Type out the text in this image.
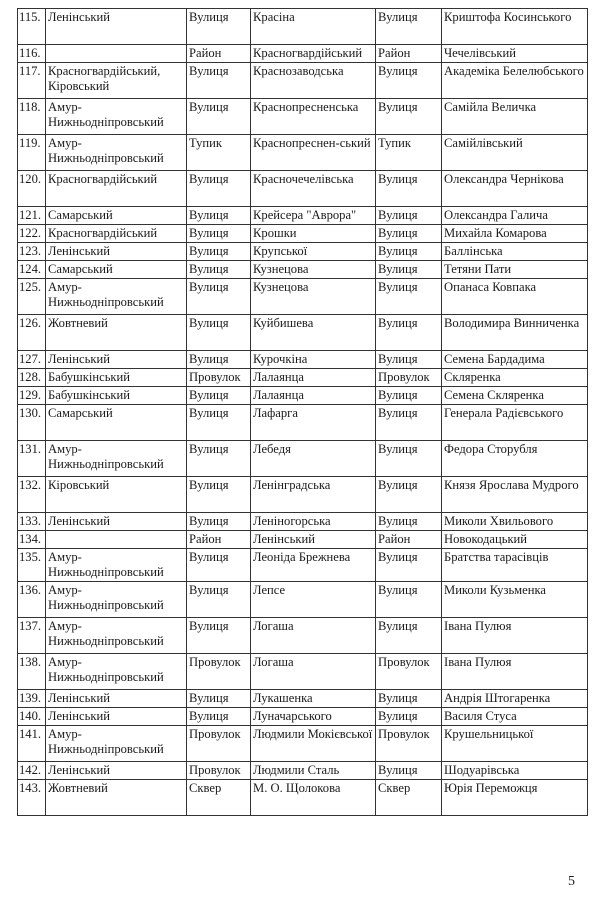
115.	Ленінський	Вулиця	Красіна	Вулиця	Криштофа Косинського
116.		Район	Красногвардійський	Район	Чечелівський
117.	Красногвардійський, Кіровський	Вулиця	Краснозаводська	Вулиця	Академіка Белелюбського
118.	Амур-Нижньодніпровський	Вулиця	Краснопресненська	Вулиця	Самійла Величка
119.	Амур-Нижньодніпровський	Тупик	Краснопреснен-ський	Тупик	Самійлівський
120.	Красногвардійський	Вулиця	Красночечелівська	Вулиця	Олександра Чернікова
121.	Самарський	Вулиця	Крейсера "Аврора"	Вулиця	Олександра Галича
122.	Красногвардійський	Вулиця	Крошки	Вулиця	Михайла Комарова
123.	Ленінський	Вулиця	Крупської	Вулиця	Баллінська
124.	Самарський	Вулиця	Кузнецова	Вулиця	Тетяни Пати
125.	Амур-Нижньодніпровський	Вулиця	Кузнецова	Вулиця	Опанаса Ковпака
126.	Жовтневий	Вулиця	Куйбишева	Вулиця	Володимира Винниченка
127.	Ленінський	Вулиця	Курочкіна	Вулиця	Семена Бардадима
128.	Бабушкінський	Провулок	Лалаянца	Провулок	Скляренка
129.	Бабушкінський	Вулиця	Лалаянца	Вулиця	Семена Скляренка
130.	Самарський	Вулиця	Лафарга	Вулиця	Генерала Радієвського
131.	Амур-Нижньодніпровський	Вулиця	Лебедя	Вулиця	Федора Сторубля
132.	Кіровський	Вулиця	Ленінградська	Вулиця	Князя Ярослава Мудрого
133.	Ленінський	Вулиця	Леніногорська	Вулиця	Миколи Хвильового
134.		Район	Ленінський	Район	Новокодацький
135.	Амур-Нижньодніпровський	Вулиця	Леоніда Брежнева	Вулиця	Братства тарасівців
136.	Амур-Нижньодніпровський	Вулиця	Лепсе	Вулиця	Миколи Кузьменка
137.	Амур-Нижньодніпровський	Вулиця	Логаша	Вулиця	Івана Пулюя
138.	Амур-Нижньодніпровський	Провулок	Логаша	Провулок	Івана Пулюя
139.	Ленінський	Вулиця	Лукашенка	Вулиця	Андрія Штогаренка
140.	Ленінський	Вулиця	Луначарського	Вулиця	Василя Стуса
141.	Амур-Нижньодніпровський	Провулок	Людмили Мокієвської	Провулок	Крушельницької
142.	Ленінський	Провулок	Людмили Сталь	Вулиця	Шодуарівська
143.	Жовтневий	Сквер	М. О. Щолокова	Сквер	Юрія Переможця
5
